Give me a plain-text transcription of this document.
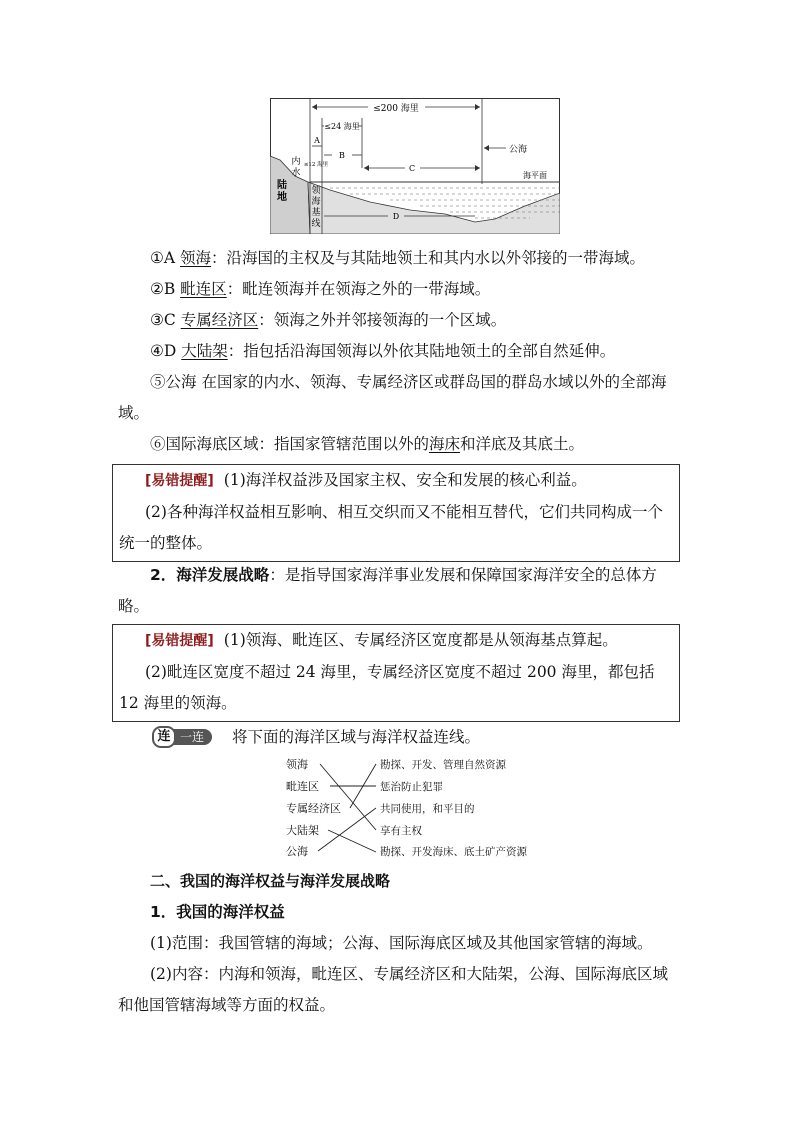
≤200 海里
≤24 海里
A
≤12 海里
B
C
D
公海
海平面
内
水
陆
地
领
海
基
线

①A 领海：沿海国的主权及与其陆地领土和其内水以外邻接的一带海域。

②B 毗连区：毗连领海并在领海之外的一带海域。

③C 专属经济区：领海之外并邻接领海的一个区域。

④D 大陆架：指包括沿海国领海以外依其陆地领土的全部自然延伸。

⑤公海 在国家的内水、领海、专属经济区或群岛国的群岛水域以外的全部海域。

⑥国际海底区域：指国家管辖范围以外的海床和洋底及其底土。

[易错提醒] (1)海洋权益涉及国家主权、安全和发展的核心利益。

(2)各种海洋权益相互影响、相互交织而又不能相互替代，它们共同构成一个统一的整体。

2．海洋发展战略：是指导国家海洋事业发展和保障国家海洋安全的总体方略。

[易错提醒] (1)领海、毗连区、专属经济区宽度都是从领海基点算起。

(2)毗连区宽度不超过 24 海里，专属经济区宽度不超过 200 海里，都包括 12 海里的领海。

连 一连	将下面的海洋区域与海洋权益连线。
领海
毗连区
专属经济区
大陆架
公海
勘探、开发、管理自然资源
惩治防止犯罪
共同使用，和平目的
享有主权
勘探、开发海床、底土矿产资源

二、我国的海洋权益与海洋发展战略

1．我国的海洋权益

(1)范围：我国管辖的海域；公海、国际海底区域及其他国家管辖的海域。

(2)内容：内海和领海，毗连区、专属经济区和大陆架，公海、国际海底区域和他国管辖海域等方面的权益。
